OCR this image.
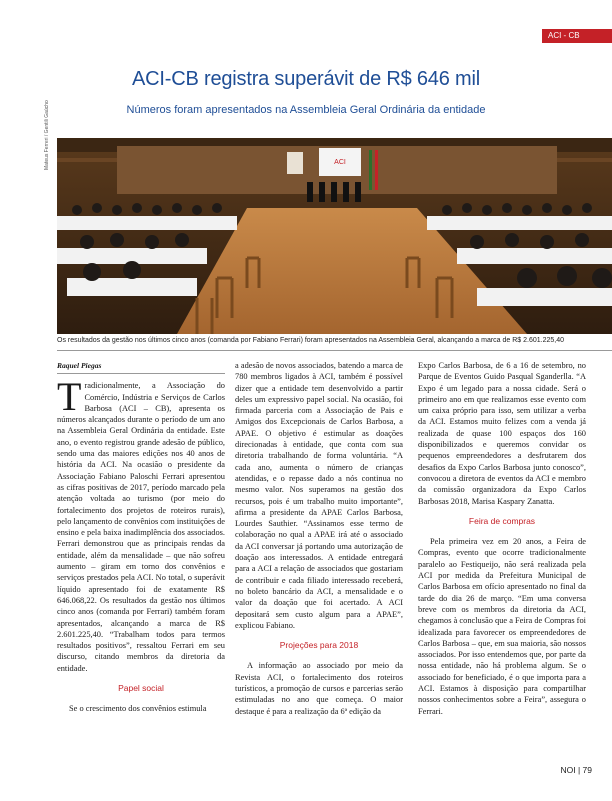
ACI - CB
ACI-CB registra superávit de R$ 646 mil
Números foram apresentados na Assembleia Geral Ordinária da entidade
Mateus Ferreri / Gentili Gaúcho	ACI
Os resultados da gestão nos últimos cinco anos (comanda por Fabiano Ferrari) foram apresentados na Assembleia Geral, alcançando a marca de R$ 2.601.225,40
Raquel Piegas

Tradicionalmente, a Associação do Comércio, Indústria e Serviços de Carlos Barbosa (ACI – CB), apresenta os números alcançados durante o período de um ano na Assembleia Geral Ordinária da entidade. Este ano, o evento registrou grande adesão de público, sendo uma das maiores edições nos 40 anos de história da ACI. Na ocasião o presidente da Associação Fabiano Paloschi Ferrari apresentou as cifras positivas de 2017, período marcado pela atenção voltada ao turismo (por meio do fortalecimento dos projetos de roteiros rurais), pelo lançamento de convênios com instituições de ensino e pela baixa inadimplência dos associados. Ferrari demonstrou que as principais rendas da entidade, além da mensalidade – que não sofreu aumento – giram em torno dos convênios e serviços prestados pela ACI. No total, o superávit líquido apresentado foi de exatamente R$ 646.068,22. Os resultados da gestão nos últimos cinco anos (comanda por Ferrari) também foram apresentados, alcançando a marca de R$ 2.601.225,40. “Trabalham todos para termos resultados positivos”, ressaltou Ferrari em seu discurso, citando membros da diretoria da entidade.

Papel social

Se o crescimento dos convênios estimula

a adesão de novos associados, batendo a marca de 780 membros ligados à ACI, também é possível dizer que a entidade tem desenvolvido a partir deles um expressivo papel social. Na ocasião, foi firmada parceria com a Associação de Pais e Amigos dos Excepcionais de Carlos Barbosa, a APAE. O objetivo é estimular as doações direcionadas à entidade, que conta com sua diretoria trabalhando de forma voluntária. “A cada ano, aumenta o número de crianças atendidas, e o repasse dado a nós continua no mesmo valor. Nos superamos na gestão dos recursos, pois é um trabalho muito importante”, afirma a presidente da APAE Carlos Barbosa, Lourdes Sauthier. “Assinamos esse termo de colaboração no qual a APAE irá até o associado da ACI conversar já portando uma autorização de doação aos interessados. A entidade entregará para a ACI a relação de associados que gostariam de contribuir e cada filiado interessado receberá, no boleto bancário da ACI, a mensalidade e o valor da doação que foi acertado. A ACI depositará sem custo algum para a APAE”, explicou Fabiano.

Projeções para 2018

A informação ao associado por meio da Revista ACI, o fortalecimento dos roteiros turísticos, a promoção de cursos e parcerias serão estimuladas no ano que começa. O maior destaque é para a realização da 6ª edição da

Expo Carlos Barbosa, de 6 a 16 de setembro, no Parque de Eventos Guido Pasqual Sganderlla. “A Expo é um legado para a nossa cidade. Será o primeiro ano em que realizamos esse evento com um caixa próprio para isso, sem utilizar a verba da ACI. Estamos muito felizes com a venda já realizada de quase 100 espaços dos 160 disponibilizados e queremos convidar os pequenos empreendedores a desfrutarem dos desafios da Expo Carlos Barbosa junto conosco”, convocou a diretora de eventos da ACI e membro da comissão organizadora da Expo Carlos Barbosas 2018, Marisa Kaspary Zanatta.

Feira de compras

Pela primeira vez em 20 anos, a Feira de Compras, evento que ocorre tradicionalmente paralelo ao Festiqueijo, não será realizada pela ACI por medida da Prefeitura Municipal de Carlos Barbosa em ofício apresentado no final da tarde do dia 26 de março. “Em uma conversa breve com os membros da diretoria da ACI, chegamos à conclusão que a Feira de Compras foi idealizada para favorecer os empreendedores de Carlos Barbosa – que, em sua maioria, são nossos associados. Por isso entendemos que, por parte da nossa entidade, não há problema algum. Se o associado for beneficiado, é o que importa para a ACI. Estamos à disposição para compartilhar nossos conhecimentos sobre a Feira”, assegura o Ferrari.

NOI | 79
